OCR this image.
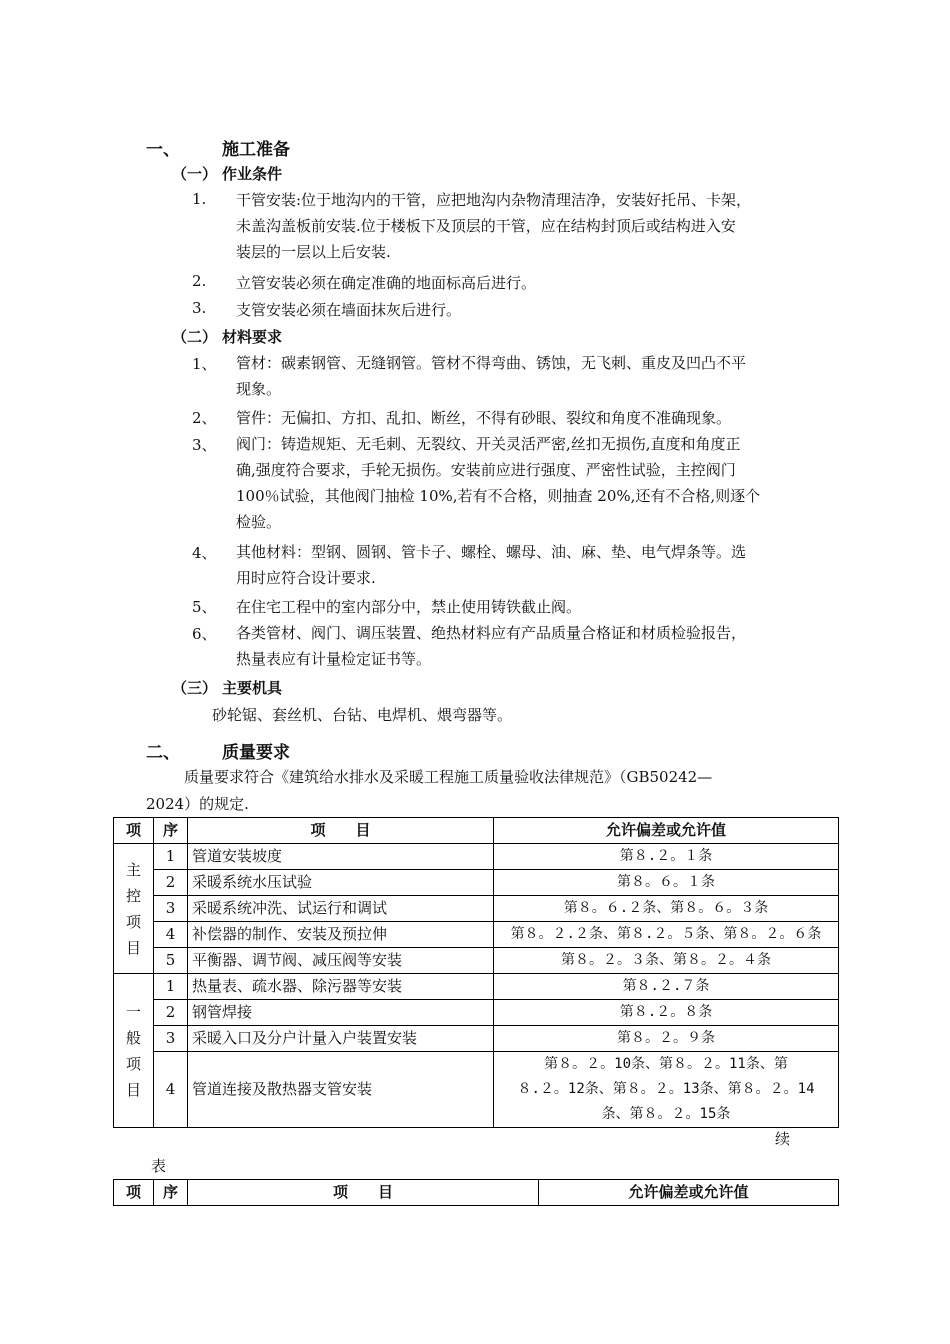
一、 施工准备
（一） 作业条件
1. 干管安装:位于地沟内的干管，应把地沟内杂物清理洁净，安装好托吊、卡架，
未盖沟盖板前安装.位于楼板下及顶层的干管，应在结构封顶后或结构进入安
装层的一层以上后安装.
2. 立管安装必须在确定准确的地面标高后进行。
3. 支管安装必须在墙面抹灰后进行。
（二） 材料要求
1、 管材：碳素钢管、无缝钢管。管材不得弯曲、锈蚀，无飞刺、重皮及凹凸不平
现象。
2、 管件：无偏扣、方扣、乱扣、断丝，不得有砂眼、裂纹和角度不准确现象。
3、 阀门：铸造规矩、无毛刺、无裂纹、开关灵活严密,丝扣无损伤,直度和角度正
确,强度符合要求，手轮无损伤。安装前应进行强度、严密性试验，主控阀门
100％试验，其他阀门抽检 10%,若有不合格，则抽查 20%,还有不合格,则逐个
检验。
4、 其他材料：型钢、圆钢、管卡子、螺栓、螺母、油、麻、垫、电气焊条等。选
用时应符合设计要求.
5、 在住宅工程中的室内部分中，禁止使用铸铁截止阀。
6、 各类管材、阀门、调压装置、绝热材料应有产品质量合格证和材质检验报告，
热量表应有计量检定证书等。
（三） 主要机具
砂轮锯、套丝机、台钻、电焊机、煨弯器等。
二、 质量要求
质量要求符合《建筑给水排水及采暖工程施工质量验收法律规范》（GB50242—
2024）的规定.
项	序	项　　目	允许偏差或允许值

主
控
项
目	1	管道安装坡度	第８.２。１条
	2	采暖系统水压试验	第８。６。１条
	3	采暖系统冲洗、试运行和调试	第８。６.２条、第８。６。３条
	4	补偿器的制作、安装及预拉伸	第８。２.２条、第８.２。５条、第８。２。６条
	5	平衡器、调节阀、减压阀等安装	第８。２。３条、第８。２。４条

一
般
项
目	1	热量表、疏水器、除污器等安装	第８.２.７条
	2	钢管焊接	第８.２。８条
	3	采暖入口及分户计量入户装置安装	第８。２。９条
	4	管道连接及散热器支管安装	第８。２。10条、第８。２。11条、第
８.２。12条、第８。２。13条、第８。２。14
条、第８。２。15条
续
表
项	序	项　　目	允许偏差或允许值
